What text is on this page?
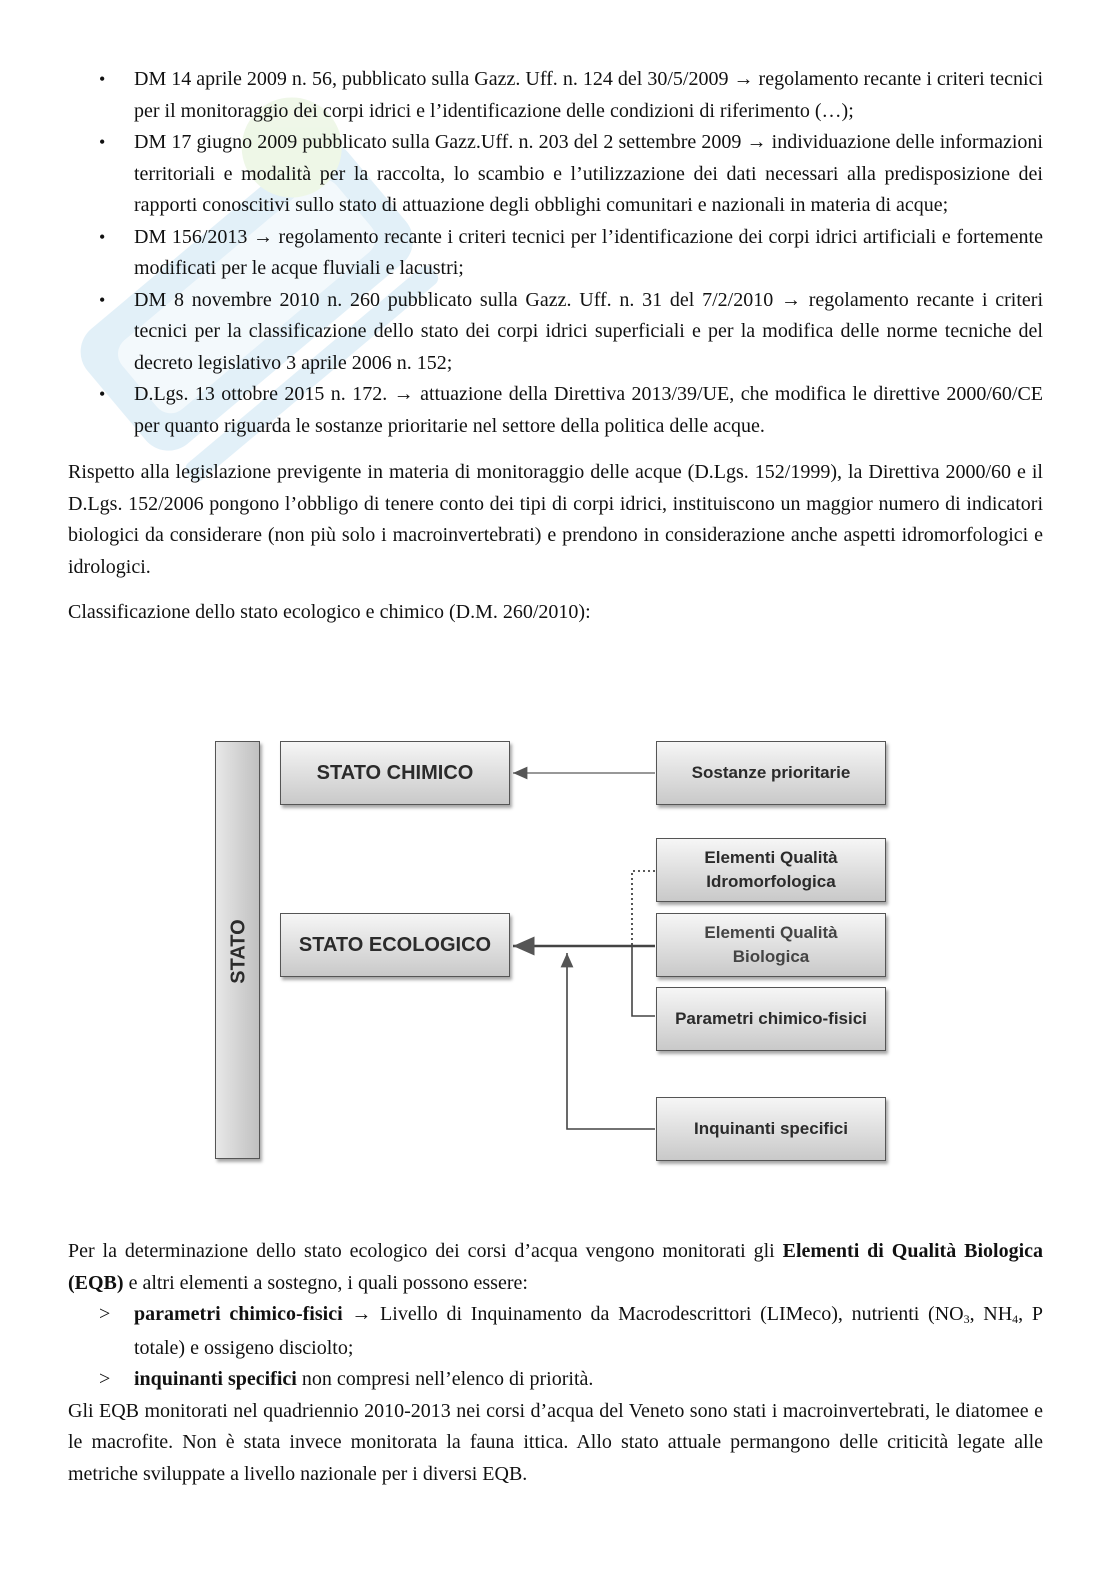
• DM 14 aprile 2009 n. 56, pubblicato sulla Gazz. Uff. n. 124 del 30/5/2009 → regolamento recante i criteri tecnici per il monitoraggio dei corpi idrici e l’identificazione delle condizioni di riferimento (…);
• DM 17 giugno 2009 pubblicato sulla Gazz.Uff. n. 203 del 2 settembre 2009 → individuazione delle informazioni territoriali e modalità per la raccolta, lo scambio e l’utilizzazione dei dati necessari alla predisposizione dei rapporti conoscitivi sullo stato di attuazione degli obblighi comunitari e nazionali in materia di acque;
• DM 156/2013 → regolamento recante i criteri tecnici per l’identificazione dei corpi idrici artificiali e fortemente modificati per le acque fluviali e lacustri;
• DM 8 novembre 2010 n. 260 pubblicato sulla Gazz. Uff. n. 31 del 7/2/2010 → regolamento recante i criteri tecnici per la classificazione dello stato dei corpi idrici superficiali e per la modifica delle norme tecniche del decreto legislativo 3 aprile 2006 n. 152;
• D.Lgs. 13 ottobre 2015 n. 172. → attuazione della Direttiva 2013/39/UE, che modifica le direttive 2000/60/CE per quanto riguarda le sostanze prioritarie nel settore della politica delle acque.

Rispetto alla legislazione previgente in materia di monitoraggio delle acque (D.Lgs. 152/1999), la Direttiva 2000/60 e il D.Lgs. 152/2006 pongono l’obbligo di tenere conto dei tipi di corpi idrici, instituiscono un maggior numero di indicatori biologici da considerare (non più solo i macroinvertebrati) e prendono in considerazione anche aspetti idromorfologici e idrologici.

Classificazione dello stato ecologico e chimico (D.M. 260/2010):

STATO
STATO CHIMICO
STATO ECOLOGICO
Sostanze prioritarie
Elementi Qualità
Idromorfologica
Elementi Qualità
Biologica
Parametri chimico-fisici
Inquinanti specifici

Per la determinazione dello stato ecologico dei corsi d’acqua vengono monitorati gli Elementi di Qualità Biologica (EQB) e altri elementi a sostegno, i quali possono essere:

> parametri chimico-fisici → Livello di Inquinamento da Macrodescrittori (LIMeco), nutrienti ($NO_3$, $NH_4$, P totale) e ossigeno disciolto;
> inquinanti specifici non compresi nell’elenco di priorità.

Gli EQB monitorati nel quadriennio 2010-2013 nei corsi d’acqua del Veneto sono stati i macroinvertebrati, le diatomee e le macrofite. Non è stata invece monitorata la fauna ittica. Allo stato attuale permangono delle criticità legate alle metriche sviluppate a livello nazionale per i diversi EQB.
